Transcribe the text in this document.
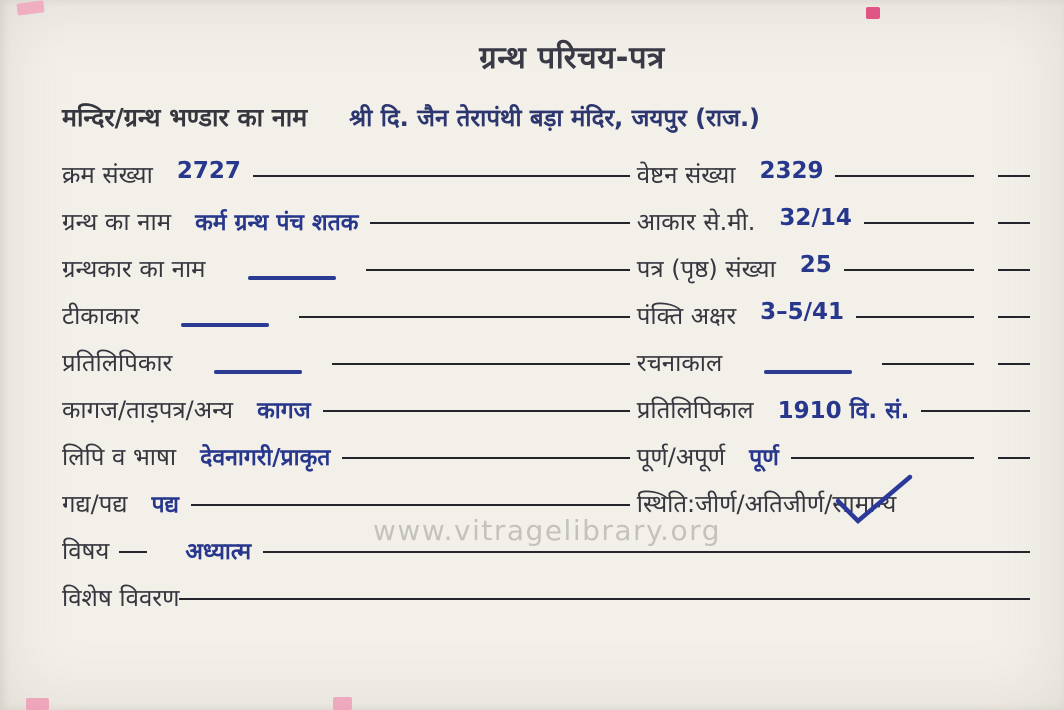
www.vitragelibrary.org
ग्रन्थ परिचय-पत्र
मन्दिर/ग्रन्थ भण्डार का नाम श्री दि. जैन तेरापंथी बड़ा मंदिर, जयपुर (राज.)
क्रम संख्या 2727	वेष्टन संख्या 2329
ग्रन्थ का नाम कर्म ग्रन्थ पंच शतक	आकार से.मी. 32/14
ग्रन्थकार का नाम	पत्र (पृष्ठ) संख्या 25
टीकाकार	पंक्ति अक्षर 3–5/41
प्रतिलिपिकार	रचनाकाल
कागज/ताड़पत्र/अन्य कागज	प्रतिलिपिकाल 1910 वि. सं.
लिपि व भाषा देवनागरी/प्राकृत	पूर्ण/अपूर्ण पूर्ण
गद्य/पद्य पद्य	स्थिति:जीर्ण/अतिजीर्ण/ सामान्य
विषय	अध्यात्म
विशेष विवरण
